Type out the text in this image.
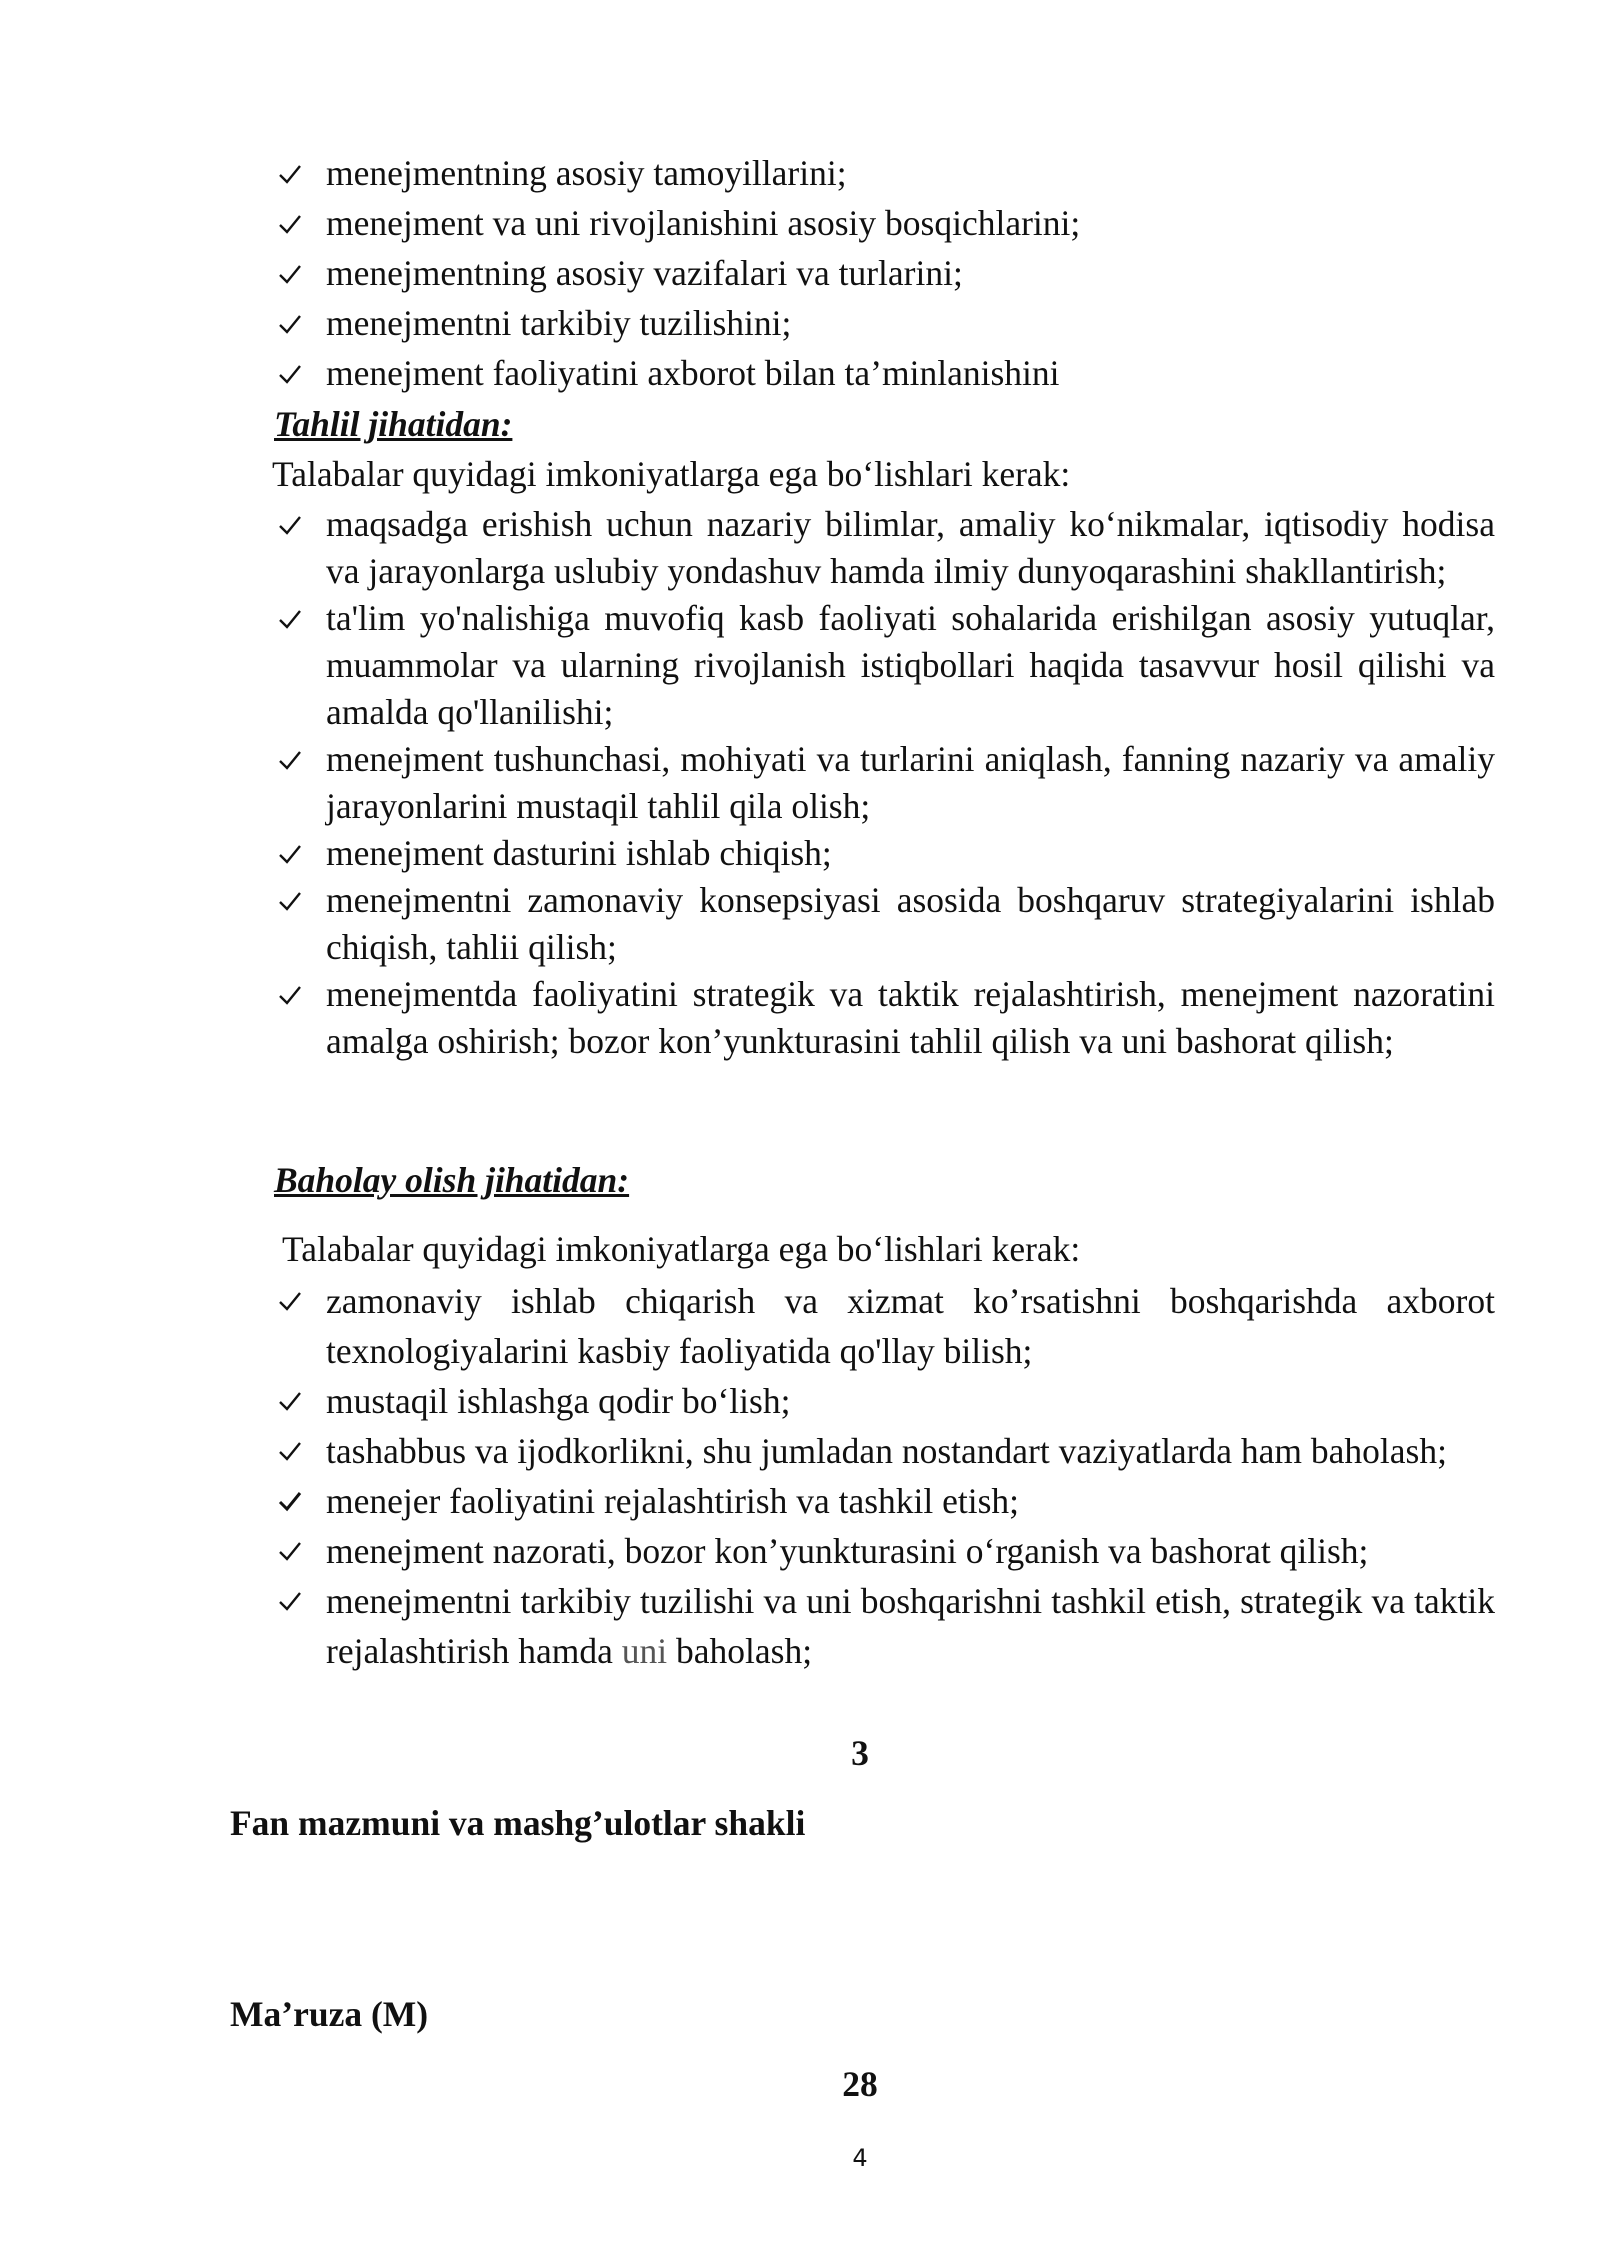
menejmentning asosiy tamoyillarini;
menejment va uni rivojlanishini asosiy bosqichlarini;
menejmentning asosiy vazifalari va turlarini;
menejmentni tarkibiy tuzilishini;
menejment faoliyatini axborot bilan ta’minlanishini
Tahlil jihatidan:
Talabalar quyidagi imkoniyatlarga ega bo‘lishlari kerak:
maqsadga erishish uchun nazariy bilimlar, amaliy ko‘nikmalar, iqtisodiy hodisa va jarayonlarga uslubiy yondashuv hamda ilmiy dunyoqarashini shakllantirish;
ta'lim yo'nalishiga muvofiq kasb faoliyati sohalarida erishilgan asosiy yutuqlar, muammolar va ularning rivojlanish istiqbollari haqida tasavvur hosil qilishi va amalda qo'llanilishi;
menejment tushunchasi, mohiyati va turlarini aniqlash, fanning nazariy va amaliy jarayonlarini mustaqil tahlil qila olish;
menejment dasturini ishlab chiqish;
menejmentni zamonaviy konsepsiyasi asosida boshqaruv strategiyalarini ishlab chiqish, tahlii qilish;
menejmentda faoliyatini strategik va taktik rejalashtirish, menejment nazoratini amalga oshirish; bozor kon’yunkturasini tahlil qilish va uni bashorat qilish;
Baholay olish jihatidan:
Talabalar quyidagi imkoniyatlarga ega bo‘lishlari kerak:
zamonaviy ishlab chiqarish va xizmat ko’rsatishni boshqarishda axborot texnologiyalarini kasbiy faoliyatida qo'llay bilish;
mustaqil ishlashga qodir bo‘lish;
tashabbus va ijodkorlikni, shu jumladan nostandart vaziyatlarda ham baholash;
menejer faoliyatini rejalashtirish va tashkil etish;
menejment nazorati, bozor kon’yunkturasini o‘rganish va bashorat qilish;
menejmentni tarkibiy tuzilishi va uni boshqarishni tashkil etish, strategik va taktik rejalashtirish hamda uni baholash;
3
Fan mazmuni va mashg’ulotlar shakli
Ma’ruza (M)
28
4
